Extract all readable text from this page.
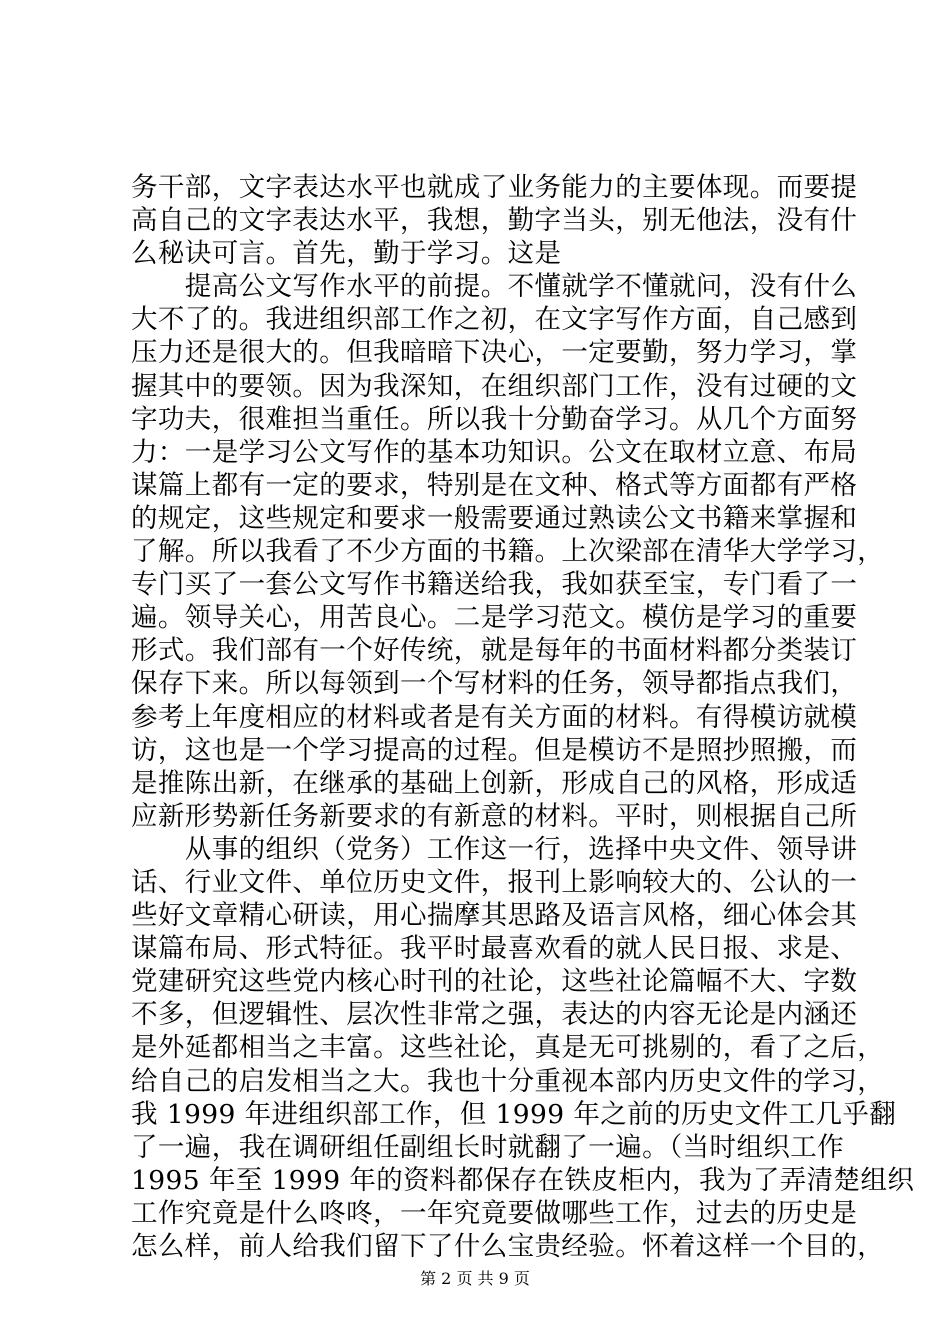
务干部，文字表达水平也就成了业务能力的主要体现。而要提
高自己的文字表达水平，我想，勤字当头，别无他法，没有什
么秘诀可言。首先，勤于学习。这是
　　提高公文写作水平的前提。不懂就学不懂就问，没有什么
大不了的。我进组织部工作之初，在文字写作方面，自己感到
压力还是很大的。但我暗暗下决心，一定要勤，努力学习，掌
握其中的要领。因为我深知，在组织部门工作，没有过硬的文
字功夫，很难担当重任。所以我十分勤奋学习。从几个方面努
力：一是学习公文写作的基本功知识。公文在取材立意、布局
谋篇上都有一定的要求，特别是在文种、格式等方面都有严格
的规定，这些规定和要求一般需要通过熟读公文书籍来掌握和
了解。所以我看了不少方面的书籍。上次梁部在清华大学学习，
专门买了一套公文写作书籍送给我，我如获至宝，专门看了一
遍。领导关心，用苦良心。二是学习范文。模仿是学习的重要
形式。我们部有一个好传统，就是每年的书面材料都分类装订
保存下来。所以每领到一个写材料的任务，领导都指点我们，
参考上年度相应的材料或者是有关方面的材料。有得模访就模
访，这也是一个学习提高的过程。但是模访不是照抄照搬，而
是推陈出新，在继承的基础上创新，形成自己的风格，形成适
应新形势新任务新要求的有新意的材料。平时，则根据自己所
　　从事的组织（党务）工作这一行，选择中央文件、领导讲
话、行业文件、单位历史文件，报刊上影响较大的、公认的一
些好文章精心研读，用心揣摩其思路及语言风格，细心体会其
谋篇布局、形式特征。我平时最喜欢看的就人民日报、求是、
党建研究这些党内核心时刊的社论，这些社论篇幅不大、字数
不多，但逻辑性、层次性非常之强，表达的内容无论是内涵还
是外延都相当之丰富。这些社论，真是无可挑剔的，看了之后，
给自己的启发相当之大。我也十分重视本部内历史文件的学习，
我 1999 年进组织部工作，但 1999 年之前的历史文件工几乎翻
了一遍，我在调研组任副组长时就翻了一遍。（当时组织工作
1995 年至 1999 年的资料都保存在铁皮柜内，我为了弄清楚组织
工作究竟是什么咚咚，一年究竟要做哪些工作，过去的历史是
怎么样，前人给我们留下了什么宝贵经验。怀着这样一个目的，
第 2 页 共 9 页
